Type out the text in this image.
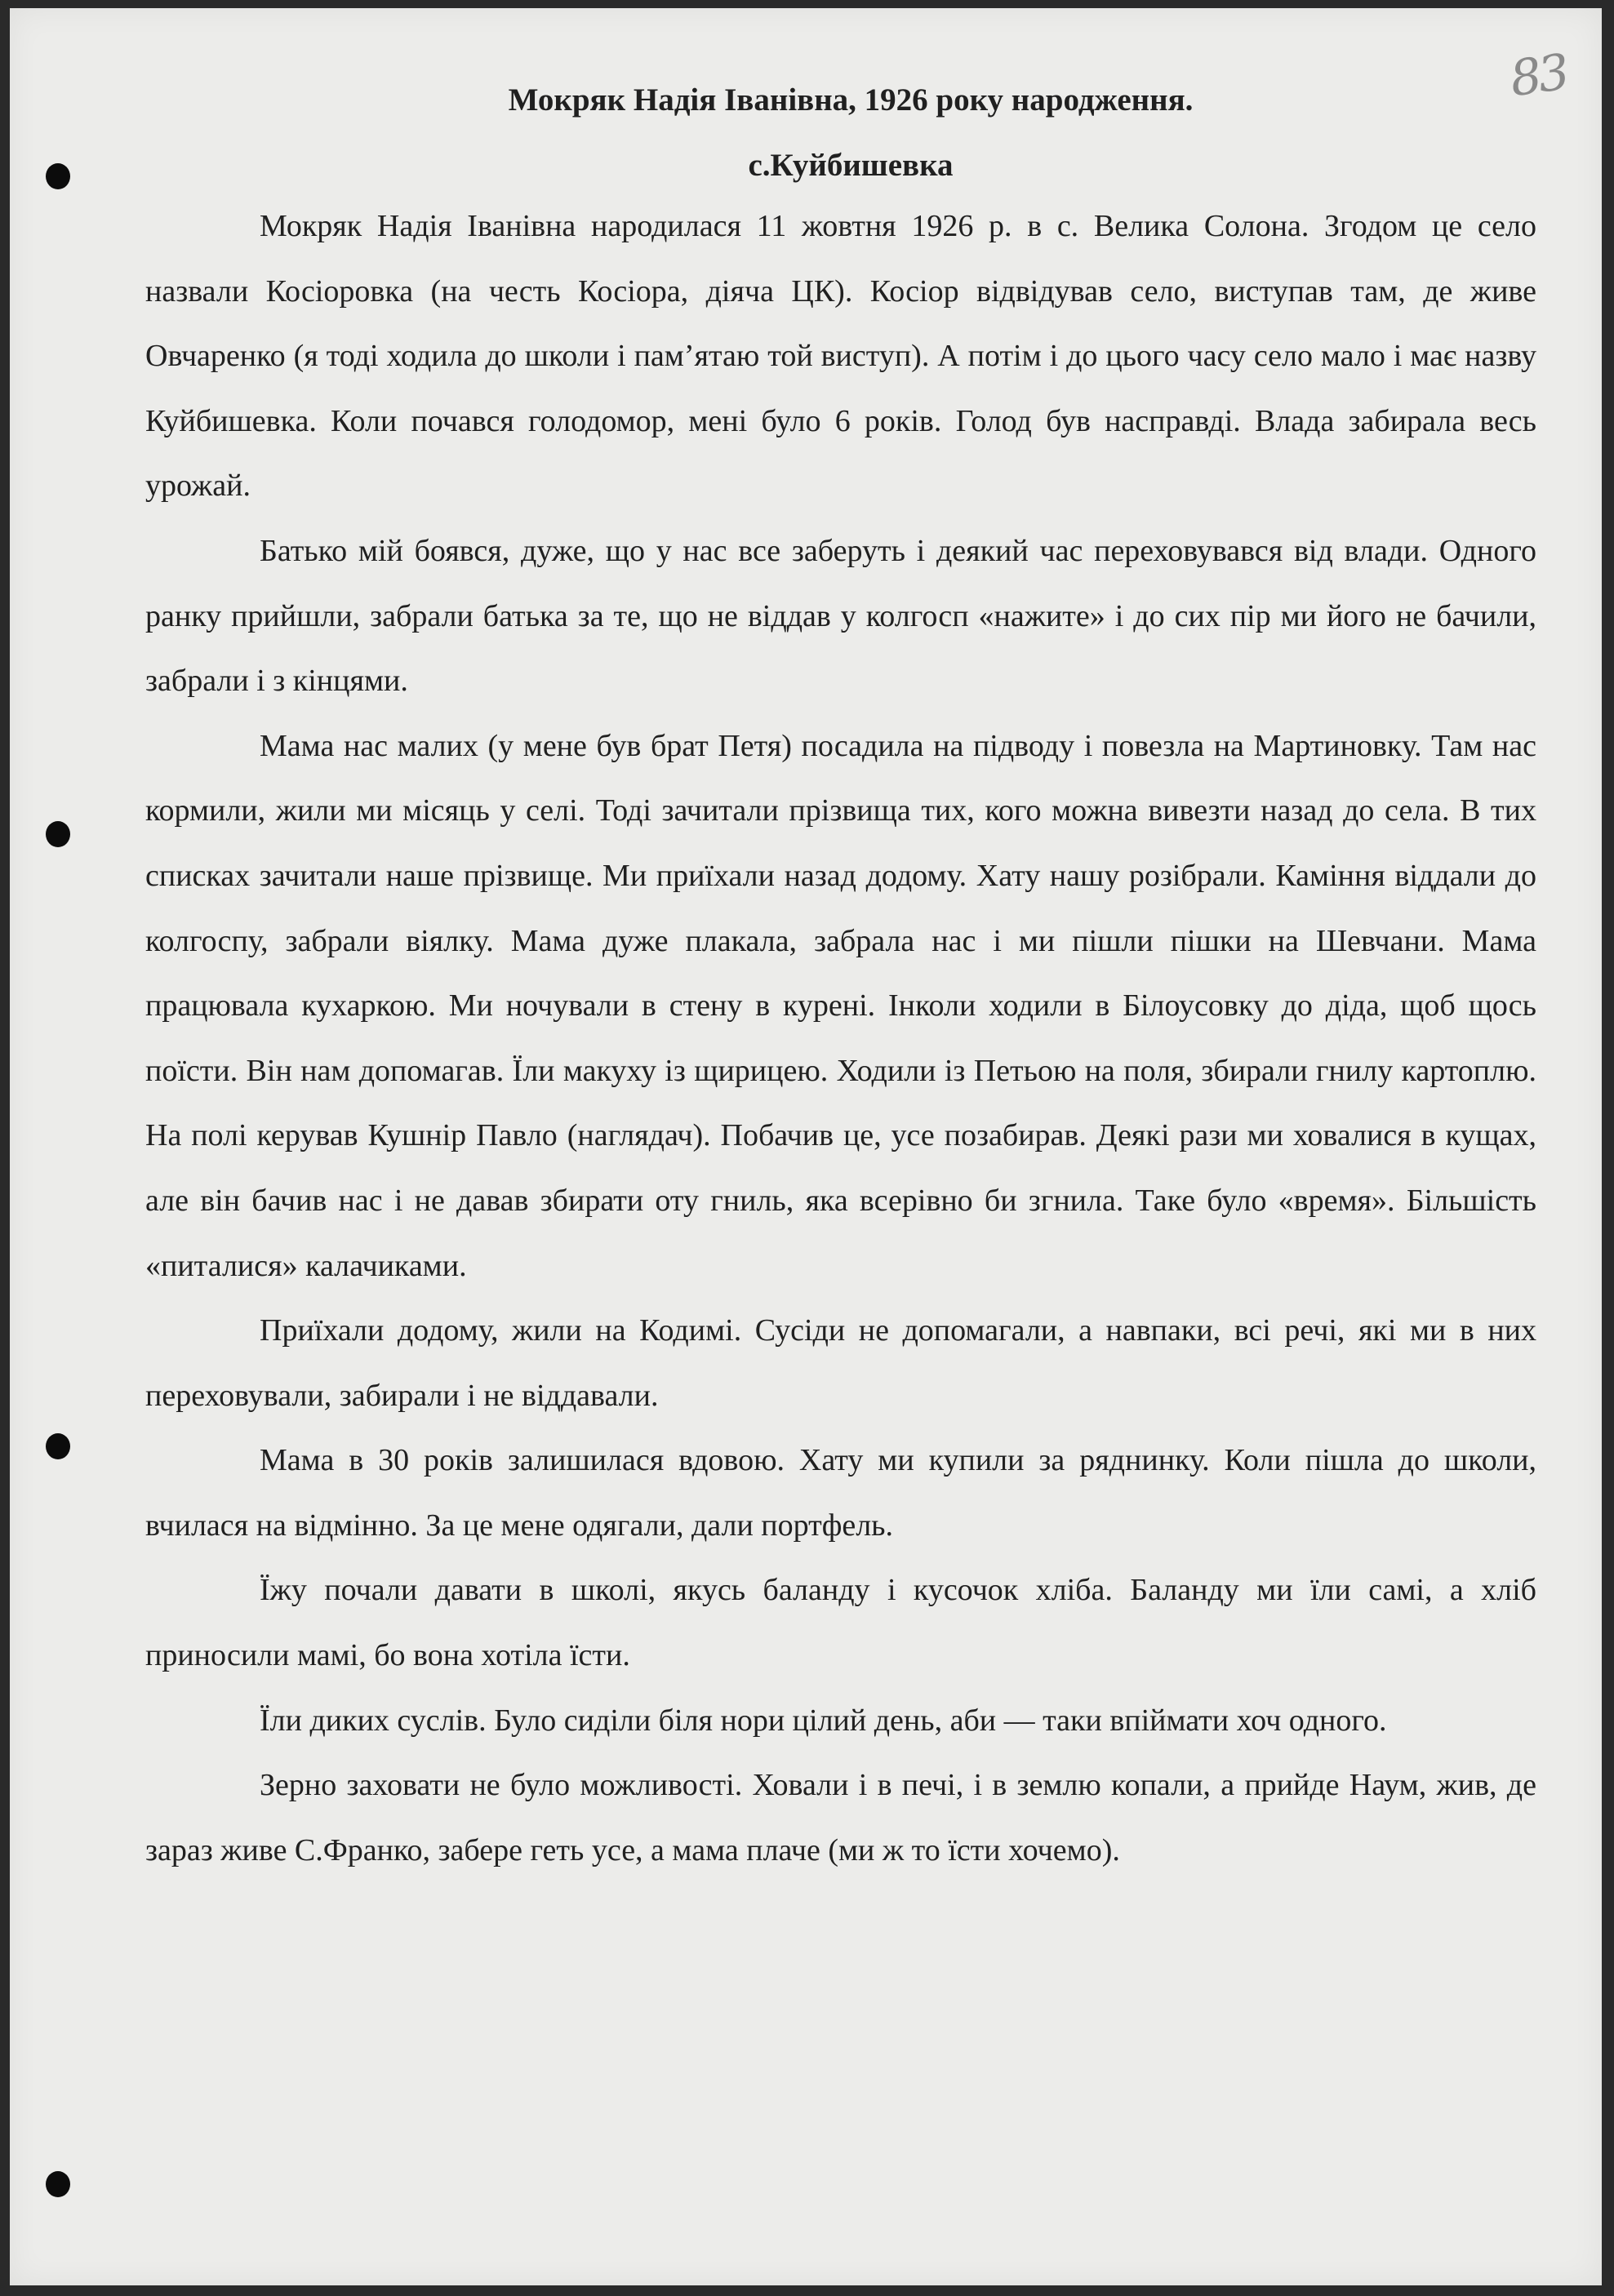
83
Мокряк Надія Іванівна, 1926 року народження.
с.Куйбишевка

Мокряк Надія Іванівна народилася 11 жовтня 1926 р. в с. Велика Солона. Згодом це село назвали Косіоровка (на честь Косіора, діяча ЦК). Косіор відвідував село, виступав там, де живе Овчаренко (я тоді ходила до школи і пам’ятаю той виступ). А потім і до цього часу село мало і має назву Куйбишевка. Коли почався голодомор, мені було 6 років. Голод був насправді. Влада забирала весь урожай.

Батько мій боявся, дуже, що у нас все заберуть і деякий час переховувався від влади. Одного ранку прийшли, забрали батька за те, що не віддав у колгосп «нажите» і до сих пір ми його не бачили, забрали і з кінцями.

Мама нас малих (у мене був брат Петя) посадила на підводу і повезла на Мартиновку. Там нас кормили, жили ми місяць у селі. Тоді зачитали прізвища тих, кого можна вивезти назад до села. В тих списках зачитали наше прізвище. Ми приїхали назад додому. Хату нашу розібрали. Каміння віддали до колгоспу, забрали віялку. Мама дуже плакала, забрала нас і ми пішли пішки на Шевчани. Мама працювала кухаркою. Ми ночували в стену в курені. Інколи ходили в Білоусовку до діда, щоб щось поїсти. Він нам допомагав. Їли макуху із щирицею. Ходили із Петьою на поля, збирали гнилу картоплю. На полі керував Кушнір Павло (наглядач). Побачив це, усе позабирав. Деякі рази ми ховалися в кущах, але він бачив нас і не давав збирати оту гниль, яка всерівно би згнила. Таке було «время». Більшість «питалися» калачиками.

Приїхали додому, жили на Кодимі. Сусіди не допомагали, а навпаки, всі речі, які ми в них переховували, забирали і не віддавали.

Мама в 30 років залишилася вдовою. Хату ми купили за ряднинку. Коли пішла до школи, вчилася на відмінно. За це мене одягали, дали портфель.

Їжу почали давати в школі, якусь баланду і кусочок хліба. Баланду ми їли самі, а хліб приносили мамі, бо вона хотіла їсти.

Їли диких суслів. Було сиділи біля нори цілий день, аби — таки впіймати хоч одного.

Зерно заховати не було можливості. Ховали і в печі, і в землю копали, а прийде Наум, жив, де зараз живе С.Франко, забере геть усе, а мама плаче (ми ж то їсти хочемо).
